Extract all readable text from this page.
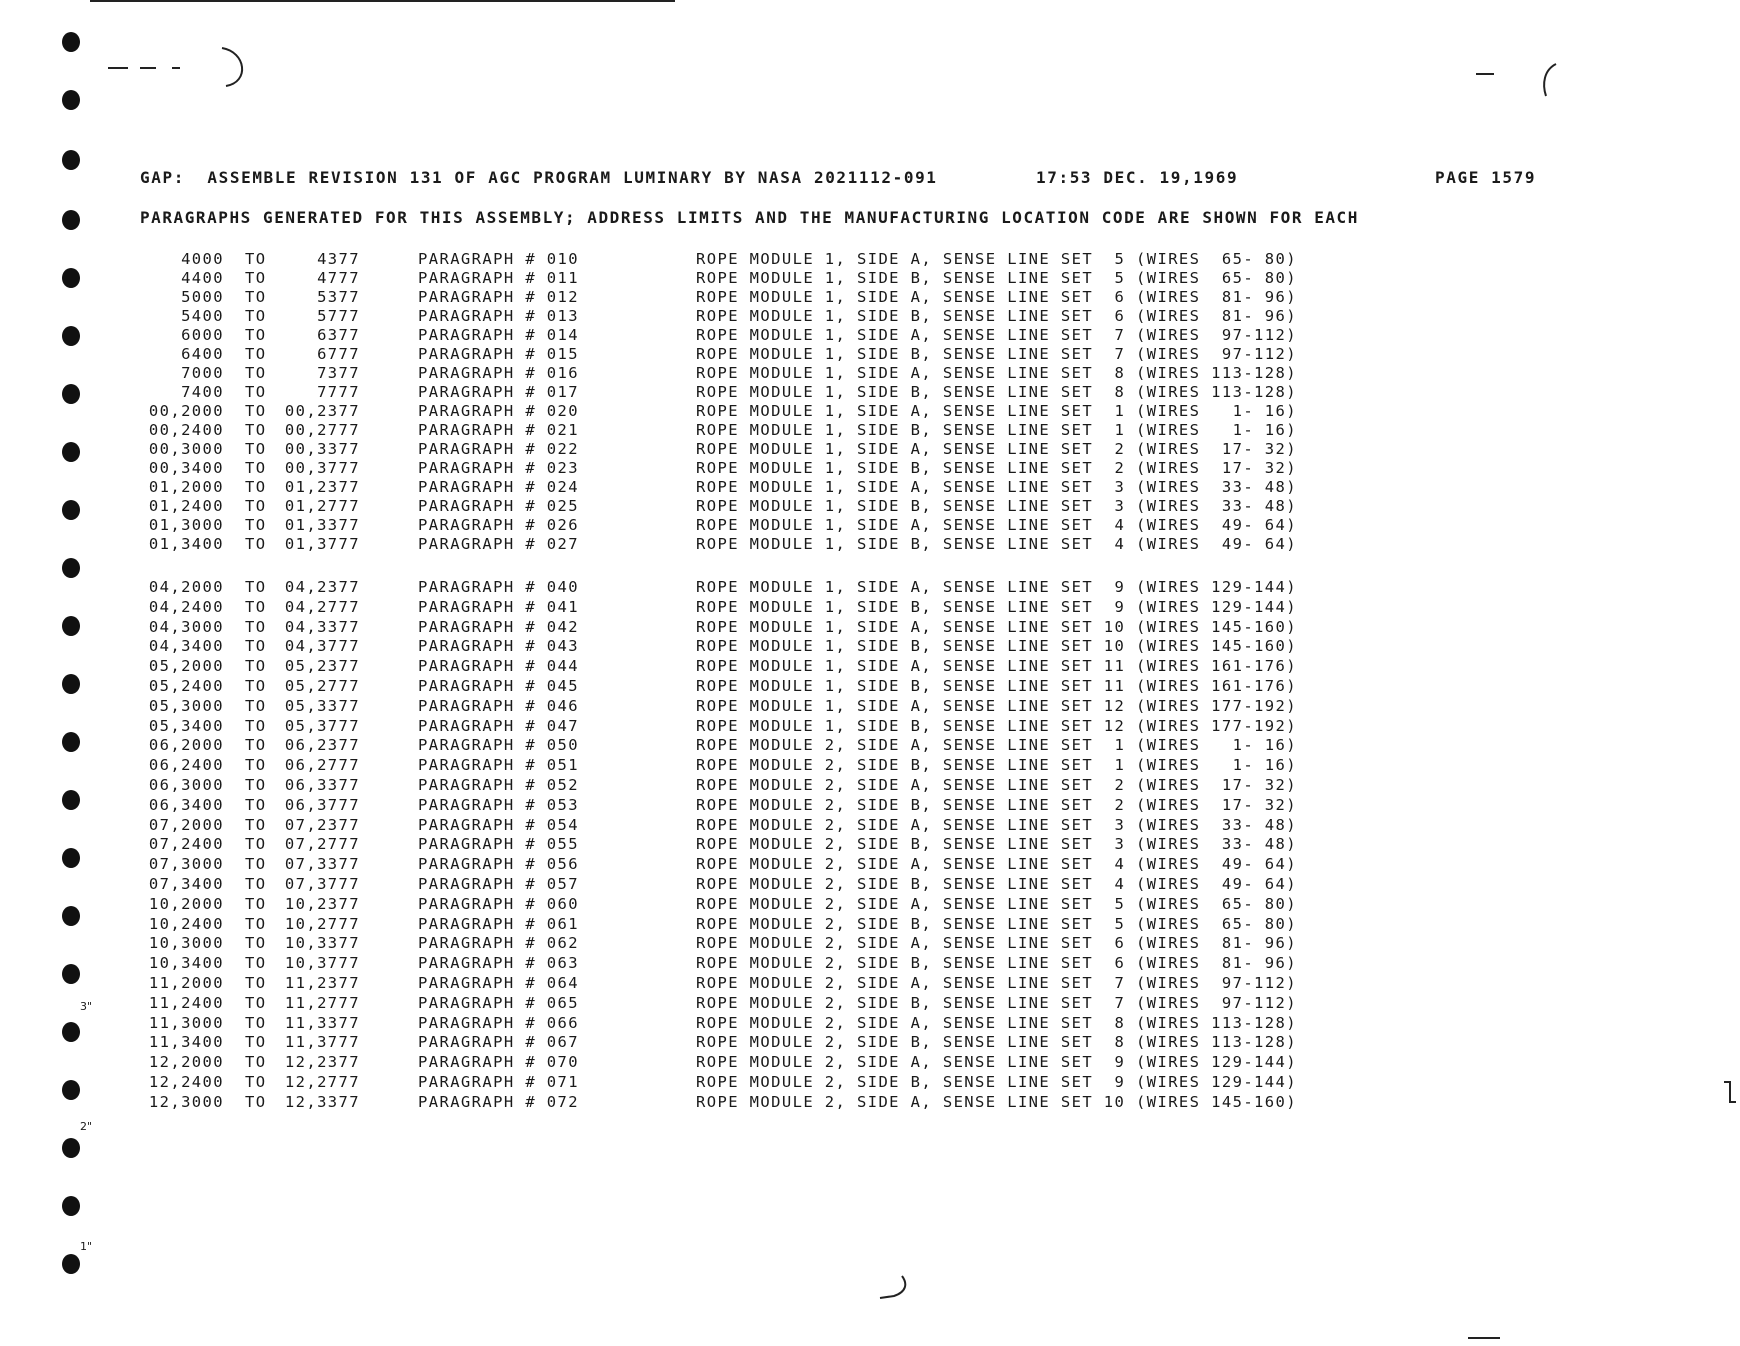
3"
2"
1"

GAP:  ASSEMBLE REVISION 131 OF AGC PROGRAM LUMINARY BY NASA 2021112-091

	17:53 DEC. 19,1969

	PAGE 1579

PARAGRAPHS GENERATED FOR THIS ASSEMBLY; ADDRESS LIMITS AND THE MANUFACTURING LOCATION CODE ARE SHOWN FOR EACH
4000 TO	4377	PARAGRAPH # 010	ROPE MODULE 1, SIDE A, SENSE LINE SET  5 (WIRES  65- 80)
4400 TO	4777	PARAGRAPH # 011	ROPE MODULE 1, SIDE B, SENSE LINE SET  5 (WIRES  65- 80)
5000 TO	5377	PARAGRAPH # 012	ROPE MODULE 1, SIDE A, SENSE LINE SET  6 (WIRES  81- 96)
5400 TO	5777	PARAGRAPH # 013	ROPE MODULE 1, SIDE B, SENSE LINE SET  6 (WIRES  81- 96)
6000 TO	6377	PARAGRAPH # 014	ROPE MODULE 1, SIDE A, SENSE LINE SET  7 (WIRES  97-112)
6400 TO	6777	PARAGRAPH # 015	ROPE MODULE 1, SIDE B, SENSE LINE SET  7 (WIRES  97-112)
7000 TO	7377	PARAGRAPH # 016	ROPE MODULE 1, SIDE A, SENSE LINE SET  8 (WIRES 113-128)
7400 TO	7777	PARAGRAPH # 017	ROPE MODULE 1, SIDE B, SENSE LINE SET  8 (WIRES 113-128)
00,2000 TO	00,2377	PARAGRAPH # 020	ROPE MODULE 1, SIDE A, SENSE LINE SET  1 (WIRES   1- 16)
00,2400 TO	00,2777	PARAGRAPH # 021	ROPE MODULE 1, SIDE B, SENSE LINE SET  1 (WIRES   1- 16)
00,3000 TO	00,3377	PARAGRAPH # 022	ROPE MODULE 1, SIDE A, SENSE LINE SET  2 (WIRES  17- 32)
00,3400 TO	00,3777	PARAGRAPH # 023	ROPE MODULE 1, SIDE B, SENSE LINE SET  2 (WIRES  17- 32)
01,2000 TO	01,2377	PARAGRAPH # 024	ROPE MODULE 1, SIDE A, SENSE LINE SET  3 (WIRES  33- 48)
01,2400 TO	01,2777	PARAGRAPH # 025	ROPE MODULE 1, SIDE B, SENSE LINE SET  3 (WIRES  33- 48)
01,3000 TO	01,3377	PARAGRAPH # 026	ROPE MODULE 1, SIDE A, SENSE LINE SET  4 (WIRES  49- 64)
01,3400 TO	01,3777	PARAGRAPH # 027	ROPE MODULE 1, SIDE B, SENSE LINE SET  4 (WIRES  49- 64)
04,2000 TO	04,2377	PARAGRAPH # 040	ROPE MODULE 1, SIDE A, SENSE LINE SET  9 (WIRES 129-144)
04,2400 TO	04,2777	PARAGRAPH # 041	ROPE MODULE 1, SIDE B, SENSE LINE SET  9 (WIRES 129-144)
04,3000 TO	04,3377	PARAGRAPH # 042	ROPE MODULE 1, SIDE A, SENSE LINE SET 10 (WIRES 145-160)
04,3400 TO	04,3777	PARAGRAPH # 043	ROPE MODULE 1, SIDE B, SENSE LINE SET 10 (WIRES 145-160)
05,2000 TO	05,2377	PARAGRAPH # 044	ROPE MODULE 1, SIDE A, SENSE LINE SET 11 (WIRES 161-176)
05,2400 TO	05,2777	PARAGRAPH # 045	ROPE MODULE 1, SIDE B, SENSE LINE SET 11 (WIRES 161-176)
05,3000 TO	05,3377	PARAGRAPH # 046	ROPE MODULE 1, SIDE A, SENSE LINE SET 12 (WIRES 177-192)
05,3400 TO	05,3777	PARAGRAPH # 047	ROPE MODULE 1, SIDE B, SENSE LINE SET 12 (WIRES 177-192)
06,2000 TO	06,2377	PARAGRAPH # 050	ROPE MODULE 2, SIDE A, SENSE LINE SET  1 (WIRES   1- 16)
06,2400 TO	06,2777	PARAGRAPH # 051	ROPE MODULE 2, SIDE B, SENSE LINE SET  1 (WIRES   1- 16)
06,3000 TO	06,3377	PARAGRAPH # 052	ROPE MODULE 2, SIDE A, SENSE LINE SET  2 (WIRES  17- 32)
06,3400 TO	06,3777	PARAGRAPH # 053	ROPE MODULE 2, SIDE B, SENSE LINE SET  2 (WIRES  17- 32)
07,2000 TO	07,2377	PARAGRAPH # 054	ROPE MODULE 2, SIDE A, SENSE LINE SET  3 (WIRES  33- 48)
07,2400 TO	07,2777	PARAGRAPH # 055	ROPE MODULE 2, SIDE B, SENSE LINE SET  3 (WIRES  33- 48)
07,3000 TO	07,3377	PARAGRAPH # 056	ROPE MODULE 2, SIDE A, SENSE LINE SET  4 (WIRES  49- 64)
07,3400 TO	07,3777	PARAGRAPH # 057	ROPE MODULE 2, SIDE B, SENSE LINE SET  4 (WIRES  49- 64)
10,2000 TO	10,2377	PARAGRAPH # 060	ROPE MODULE 2, SIDE A, SENSE LINE SET  5 (WIRES  65- 80)
10,2400 TO	10,2777	PARAGRAPH # 061	ROPE MODULE 2, SIDE B, SENSE LINE SET  5 (WIRES  65- 80)
10,3000 TO	10,3377	PARAGRAPH # 062	ROPE MODULE 2, SIDE A, SENSE LINE SET  6 (WIRES  81- 96)
10,3400 TO	10,3777	PARAGRAPH # 063	ROPE MODULE 2, SIDE B, SENSE LINE SET  6 (WIRES  81- 96)
11,2000 TO	11,2377	PARAGRAPH # 064	ROPE MODULE 2, SIDE A, SENSE LINE SET  7 (WIRES  97-112)
11,2400 TO	11,2777	PARAGRAPH # 065	ROPE MODULE 2, SIDE B, SENSE LINE SET  7 (WIRES  97-112)
11,3000 TO	11,3377	PARAGRAPH # 066	ROPE MODULE 2, SIDE A, SENSE LINE SET  8 (WIRES 113-128)
11,3400 TO	11,3777	PARAGRAPH # 067	ROPE MODULE 2, SIDE B, SENSE LINE SET  8 (WIRES 113-128)
12,2000 TO	12,2377	PARAGRAPH # 070	ROPE MODULE 2, SIDE A, SENSE LINE SET  9 (WIRES 129-144)
12,2400 TO	12,2777	PARAGRAPH # 071	ROPE MODULE 2, SIDE B, SENSE LINE SET  9 (WIRES 129-144)
12,3000 TO	12,3377	PARAGRAPH # 072	ROPE MODULE 2, SIDE A, SENSE LINE SET 10 (WIRES 145-160)
